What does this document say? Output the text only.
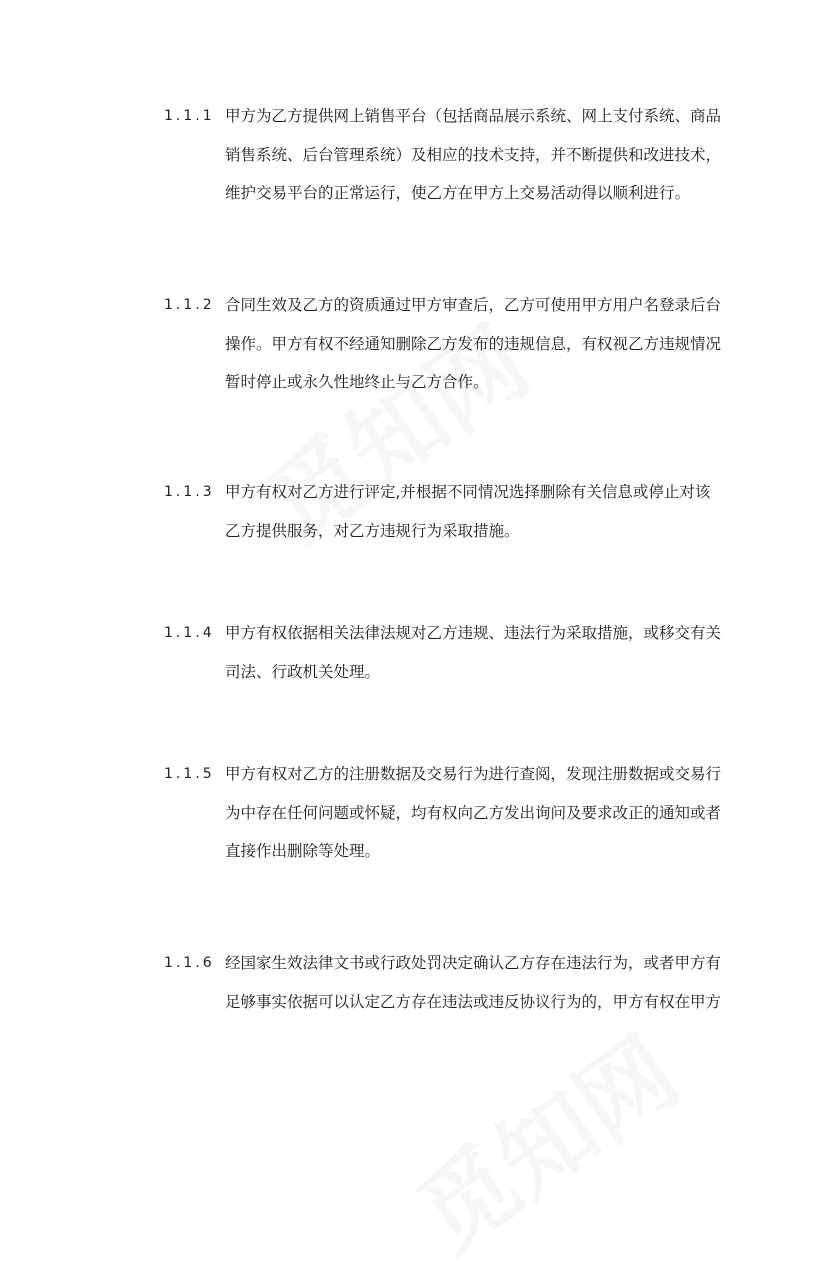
1.1.1 甲方为乙方提供网上销售平台（包括商品展示系统、网上支付系统、商品
销售系统、后台管理系统）及相应的技术支持，并不断提供和改进技术，
维护交易平台的正常运行，使乙方在甲方上交易活动得以顺利进行。
1.1.2 合同生效及乙方的资质通过甲方审查后，乙方可使用甲方用户名登录后台
操作。甲方有权不经通知删除乙方发布的违规信息，有权视乙方违规情况
暂时停止或永久性地终止与乙方合作。
1.1.3 甲方有权对乙方进行评定,并根据不同情况选择删除有关信息或停止对该
乙方提供服务，对乙方违规行为采取措施。
1.1.4 甲方有权依据相关法律法规对乙方违规、违法行为采取措施，或移交有关
司法、行政机关处理。
1.1.5 甲方有权对乙方的注册数据及交易行为进行查阅，发现注册数据或交易行
为中存在任何问题或怀疑，均有权向乙方发出询问及要求改正的通知或者
直接作出删除等处理。
1.1.6 经国家生效法律文书或行政处罚决定确认乙方存在违法行为，或者甲方有
足够事实依据可以认定乙方存在违法或违反协议行为的，甲方有权在甲方
